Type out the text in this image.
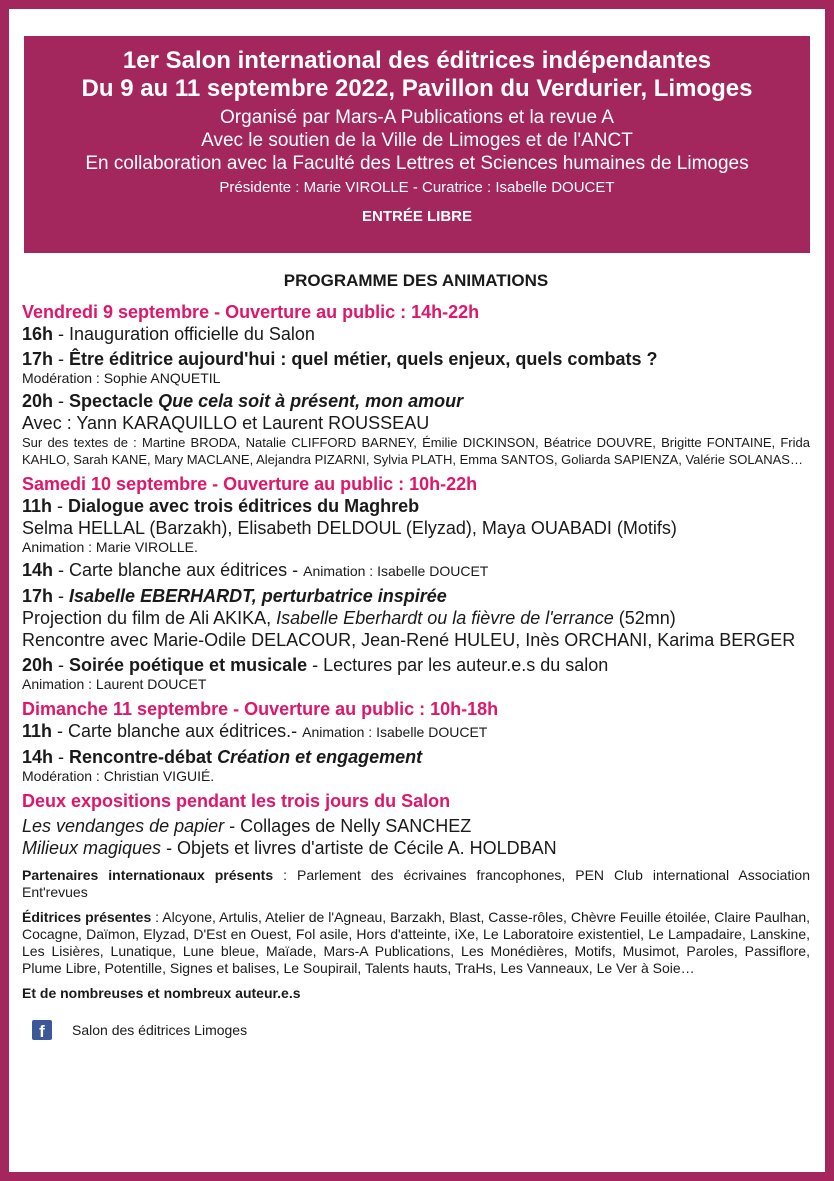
1er Salon international des éditrices indépendantes
Du 9 au 11 septembre 2022, Pavillon du Verdurier, Limoges
Organisé par Mars-A Publications et la revue A
Avec le soutien de la Ville de Limoges et de l'ANCT
En collaboration avec la Faculté des Lettres et Sciences humaines de Limoges
Présidente : Marie VIROLLE - Curatrice : Isabelle DOUCET
ENTRÉE LIBRE
PROGRAMME DES ANIMATIONS
Vendredi 9 septembre - Ouverture au public : 14h-22h
16h - Inauguration officielle du Salon
17h - Être éditrice aujourd'hui : quel métier, quels enjeux, quels combats ?
Modération : Sophie ANQUETIL
20h - Spectacle Que cela soit à présent, mon amour
Avec : Yann KARAQUILLO et Laurent ROUSSEAU
Sur des textes de : Martine BRODA, Natalie CLIFFORD BARNEY, Émilie DICKINSON, Béatrice DOUVRE, Brigitte FONTAINE, Frida KAHLO, Sarah KANE, Mary MACLANE, Alejandra PIZARNI, Sylvia PLATH, Emma SANTOS, Goliarda SAPIENZA, Valérie SOLANAS…
Samedi 10 septembre - Ouverture au public : 10h-22h
11h - Dialogue avec trois éditrices du Maghreb
Selma HELLAL (Barzakh), Elisabeth DELDOUL (Elyzad), Maya OUABADI (Motifs)
Animation : Marie VIROLLE.
14h - Carte blanche aux éditrices - Animation : Isabelle DOUCET
17h - Isabelle EBERHARDT, perturbatrice inspirée
Projection du film de Ali AKIKA, Isabelle Eberhardt ou la fièvre de l'errance (52mn)
Rencontre avec Marie-Odile DELACOUR, Jean-René HULEU, Inès ORCHANI, Karima BERGER
20h - Soirée poétique et musicale - Lectures par les auteur.e.s du salon
Animation : Laurent DOUCET
Dimanche 11 septembre - Ouverture au public : 10h-18h
11h - Carte blanche aux éditrices.- Animation : Isabelle DOUCET
14h - Rencontre-débat Création et engagement
Modération : Christian VIGUIÉ.
Deux expositions pendant les trois jours du Salon
Les vendanges de papier - Collages de Nelly SANCHEZ
Milieux magiques - Objets et livres d'artiste de Cécile A. HOLDBAN
Partenaires internationaux présents : Parlement des écrivaines francophones, PEN Club international Association Ent'revues
Éditrices présentes : Alcyone, Artulis, Atelier de l'Agneau, Barzakh, Blast, Casse-rôles, Chèvre Feuille étoilée, Claire Paulhan, Cocagne, Daïmon, Elyzad, D'Est en Ouest, Fol asile, Hors d'atteinte, iXe, Le Laboratoire existentiel, Le Lampadaire, Lanskine, Les Lisières, Lunatique, Lune bleue, Maïade, Mars-A Publications, Les Monédières, Motifs, Musimot, Paroles, Passiflore, Plume Libre, Potentille, Signes et balises, Le Soupirail, Talents hauts, TraHs, Les Vanneaux, Le Ver à Soie…
Et de nombreuses et nombreux auteur.e.s
f	Salon des éditrices Limoges
